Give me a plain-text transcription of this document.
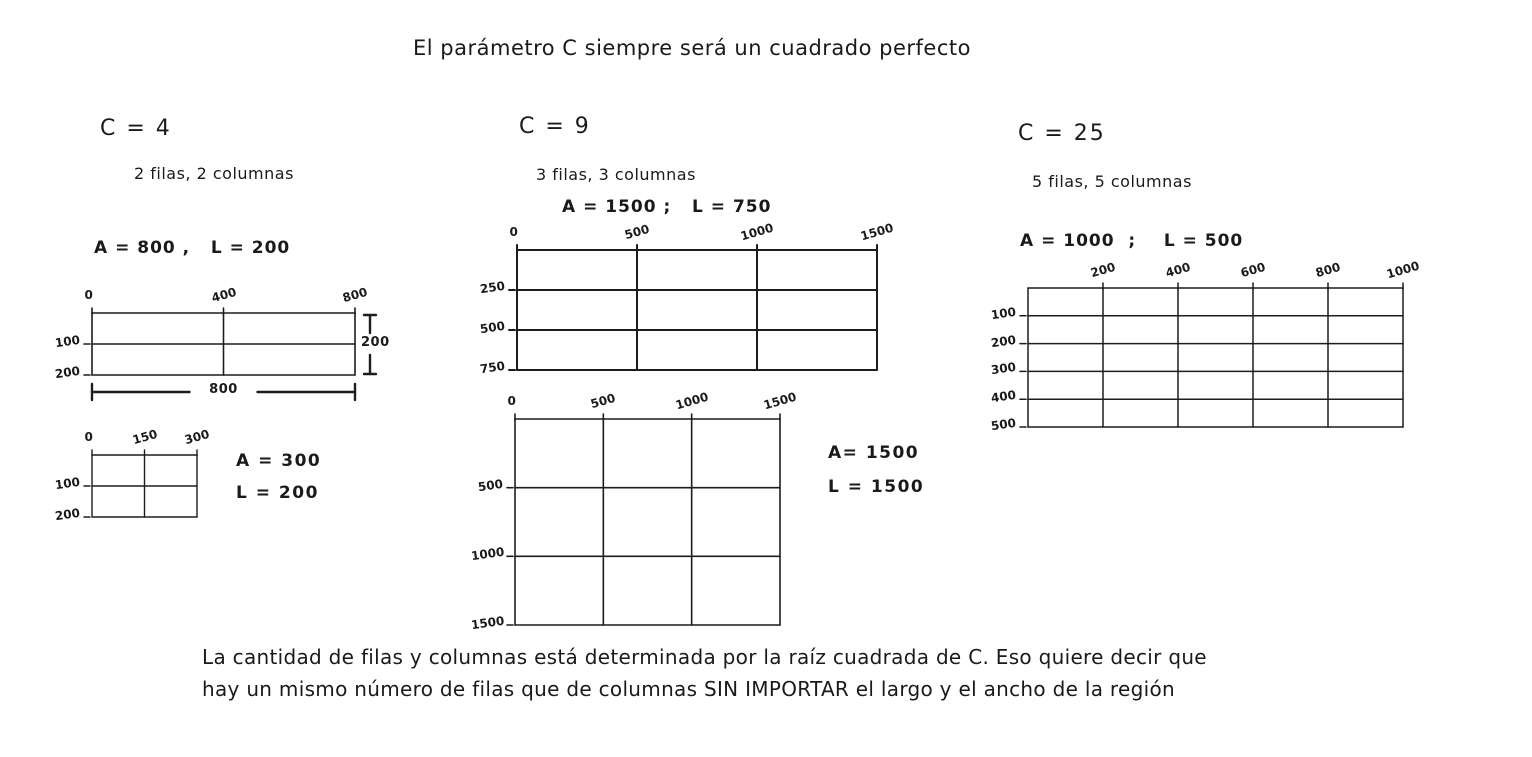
El parámetro C siempre será un cuadrado perfecto
C = 4
2 filas, 2 columnas
A = 800 ,   L = 200
0	400	800
100
200
200
800
0	150 300
100
200
A = 300
L = 200
C = 9
3 filas, 3 columnas
A = 1500 ;   L = 750
0	500	1000	1500
250
500
750
0	500	1000	1500
500
1000
1500
A= 1500
L = 1500
C = 25
5 filas, 5 columnas
A = 1000  ;    L = 500
200	400	600	800	1000
100
200
300
400
500
La cantidad de filas y columnas está determinada por la raíz cuadrada de C. Eso quiere decir que
hay un mismo número de filas que de columnas SIN IMPORTAR el largo y el ancho de la región
